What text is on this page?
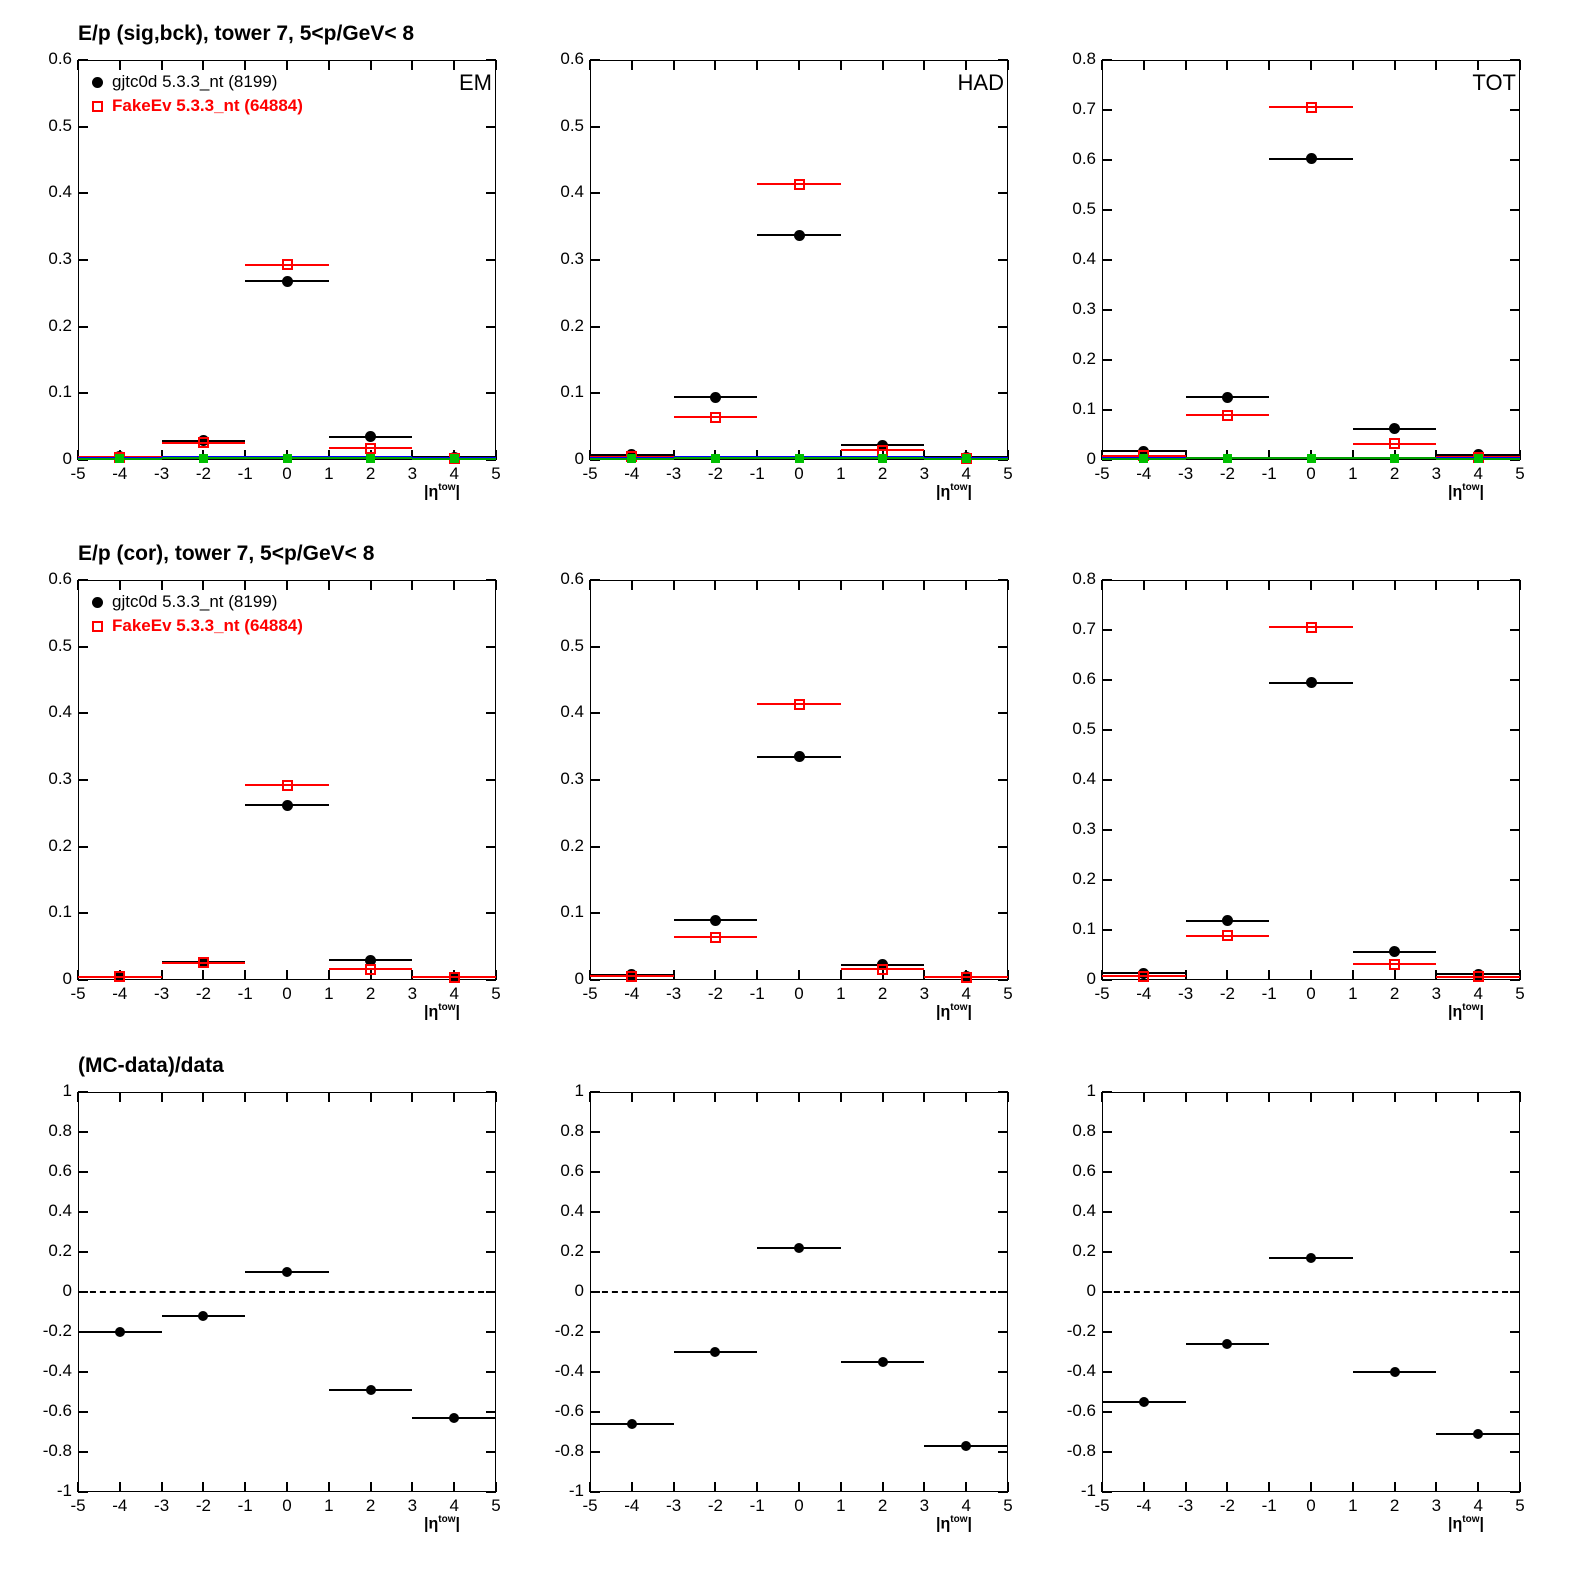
0
0.1
0.2
0.3
0.4
0.5
0.6
-5	-4	-3	-2	-1	0	1	2	3	4	5
$|\eta^{tow}|$
0
0.1
0.2
0.3
0.4
0.5
0.6
-5	-4	-3	-2	-1	0	1	2	3	4	5
$|\eta^{tow}|$
0
0.1
0.2
0.3
0.4
0.5
0.6
0.7
0.8
-5	-4	-3	-2	-1	0	1	2	3	4	5
$|\eta^{tow}|$
0
0.1
0.2
0.3
0.4
0.5
0.6
-5	-4	-3	-2	-1	0	1	2	3	4	5
$|\eta^{tow}|$
0
0.1
0.2
0.3
0.4
0.5
0.6
-5	-4	-3	-2	-1	0	1	2	3	4	5
$|\eta^{tow}|$
0
0.1
0.2
0.3
0.4
0.5
0.6
0.7
0.8
-5	-4	-3	-2	-1	0	1	2	3	4	5
$|\eta^{tow}|$
-1
-0.8
-0.6
-0.4
-0.2
0
0.2
0.4
0.6
0.8
1
-5	-4	-3	-2	-1	0	1	2	3	4	5
$|\eta^{tow}|$
-1
-0.8
-0.6
-0.4
-0.2
0
0.2
0.4
0.6
0.8
1
-5	-4	-3	-2	-1	0	1	2	3	4	5
$|\eta^{tow}|$
-1
-0.8
-0.6
-0.4
-0.2
0
0.2
0.4
0.6
0.8
1
-5	-4	-3	-2	-1	0	1	2	3	4	5
$|\eta^{tow}|$
E/p (sig,bck), tower 7, 5<p/GeV< 8
E/p (cor), tower 7, 5<p/GeV< 8
(MC-data)/data
EM	HAD	TOT
gjtc0d 5.3.3_nt (8199)
FakeEv 5.3.3_nt (64884)
gjtc0d 5.3.3_nt (8199)
FakeEv 5.3.3_nt (64884)
